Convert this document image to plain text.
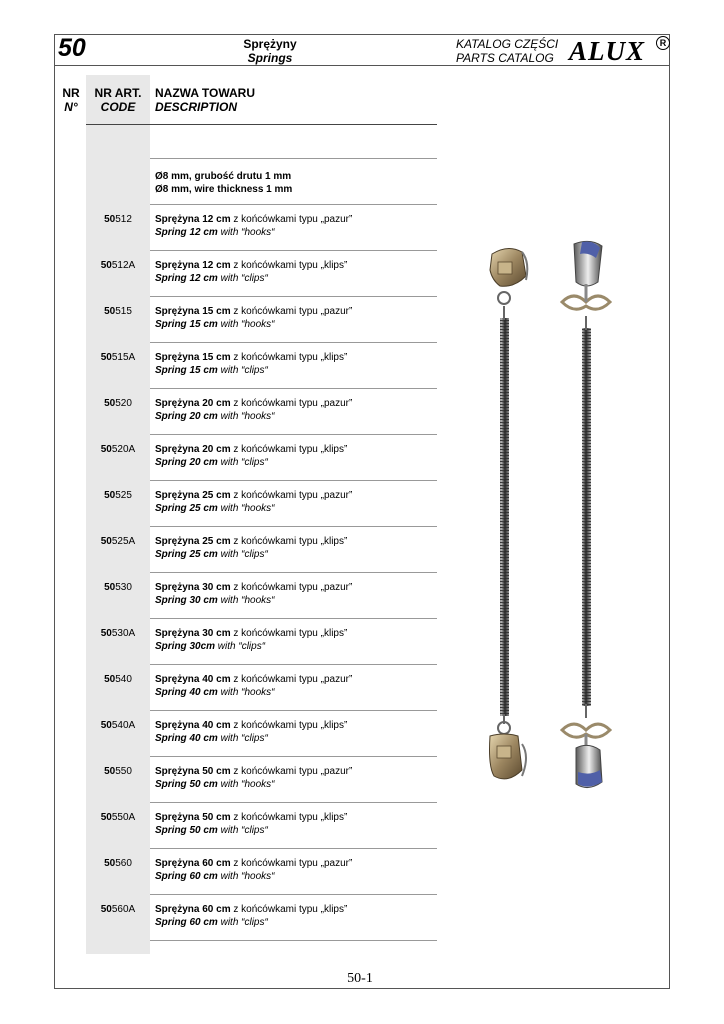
50	Sprężyny
Springs
KATALOG CZĘŚCI
PARTS CATALOG ALUX	R
NR
N°
NR ART.
CODE
NAZWA TOWARU
DESCRIPTION
Ø8 mm, grubość drutu 1 mm
Ø8 mm, wire thickness 1 mm
50512	Sprężyna 12 cm z końcówkami typu „pazur”
Spring 12 cm with “hooks“
50512A	Sprężyna 12 cm z końcówkami typu „klips”
Spring 12 cm with “clips“
50515	Sprężyna 15 cm z końcówkami typu „pazur”
Spring 15 cm with “hooks“
50515A	Sprężyna 15 cm z końcówkami typu „klips”
Spring 15 cm with “clips“
50520	Sprężyna 20 cm z końcówkami typu „pazur”
Spring 20 cm with “hooks“
50520A	Sprężyna 20 cm z końcówkami typu „klips”
Spring 20 cm with “clips“
50525	Sprężyna 25 cm z końcówkami typu „pazur”
Spring 25 cm with “hooks“
50525A	Sprężyna 25 cm z końcówkami typu „klips”
Spring 25 cm with “clips“
50530	Sprężyna 30 cm z końcówkami typu „pazur”
Spring 30 cm with “hooks“
50530A	Sprężyna 30 cm z końcówkami typu „klips”
Spring 30cm with “clips“
50540	Sprężyna 40 cm z końcówkami typu „pazur”
Spring 40 cm with “hooks“
50540A	Sprężyna 40 cm z końcówkami typu „klips”
Spring 40 cm with “clips“
50550	Sprężyna 50 cm z końcówkami typu „pazur”
Spring 50 cm with “hooks“
50550A	Sprężyna 50 cm z końcówkami typu „klips”
Spring 50 cm with “clips“
50560	Sprężyna 60 cm z końcówkami typu „pazur”
Spring 60 cm with “hooks“
50560A	Sprężyna 60 cm z końcówkami typu „klips”
Spring 60 cm with “clips“
50-1
